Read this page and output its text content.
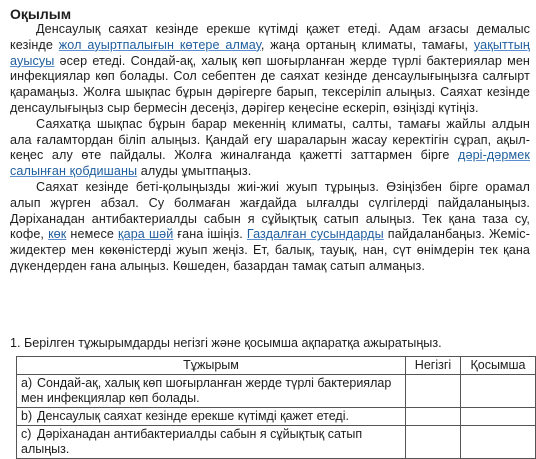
Оқылым

Денсаулық саяхат кезінде ерекше күтімді қажет етеді. Адам ағзасы демалыс кезінде жол ауыртпалығын көтере алмау, жаңа ортаның климаты, тамағы, уақыттың ауысуы әсер етеді. Сондай-ақ, халық көп шоғырланған жерде түрлі бактериялар мен инфекциялар көп болады. Сол себептен де саяхат кезінде денсаулығыңызға салғырт қарамаңыз. Жолға шықпас бұрын дәрігерге барып, тексеріліп алыңыз. Саяхат кезінде денсаулығыңыз сыр бермесін десеңіз, дәрігер кеңесіне ескеріп, өзіңізді күтіңіз.

Саяхатқа шықпас бұрын барар мекеннің климаты, салты, тамағы жайлы алдын ала ғаламтордан біліп алыңыз. Қандай егу шараларын жасау керектігін сұрап, ақыл-кеңес алу өте пайдалы. Жолға жиналғанда қажетті заттармен бірге дәрі-дәрмек салынған қобдишаны алуды ұмытпаңыз.

Саяхат кезінде беті-қолыңызды жиі-жиі жуып тұрыңыз. Өзіңізбен бірге орамал алып жүрген абзал. Су болмаған жағдайда ылғалды сүлгілерді пайдаланыңыз. Дәріханадан антибактериалды сабын я сұйықтық сатып алыңыз. Тек қана таза су, кофе, көк немесе қара шәй ғана ішіңіз. Газдалған сусындарды пайдаланбаңыз. Жеміс-жидектер мен көкөністерді жуып жеңіз. Ет, балық, тауық, нан, сүт өнімдерін тек қана дүкендерден ғана алыңыз. Көшеден, базардан тамақ сатып алмаңыз.

1. Берілген тұжырымдарды негізгі және қосымша ақпаратқа ажыратыңыз.
Тұжырым	Негізгі	Қосымша
a) Сондай-ақ, халық көп шоғырланған жерде түрлі бактериялар мен инфекциялар көп болады.		
b) Денсаулық саяхат кезінде ерекше күтімді қажет етеді.		
c) Дәріханадан антибактериалды сабын я сұйықтық сатып алыңыз.		
